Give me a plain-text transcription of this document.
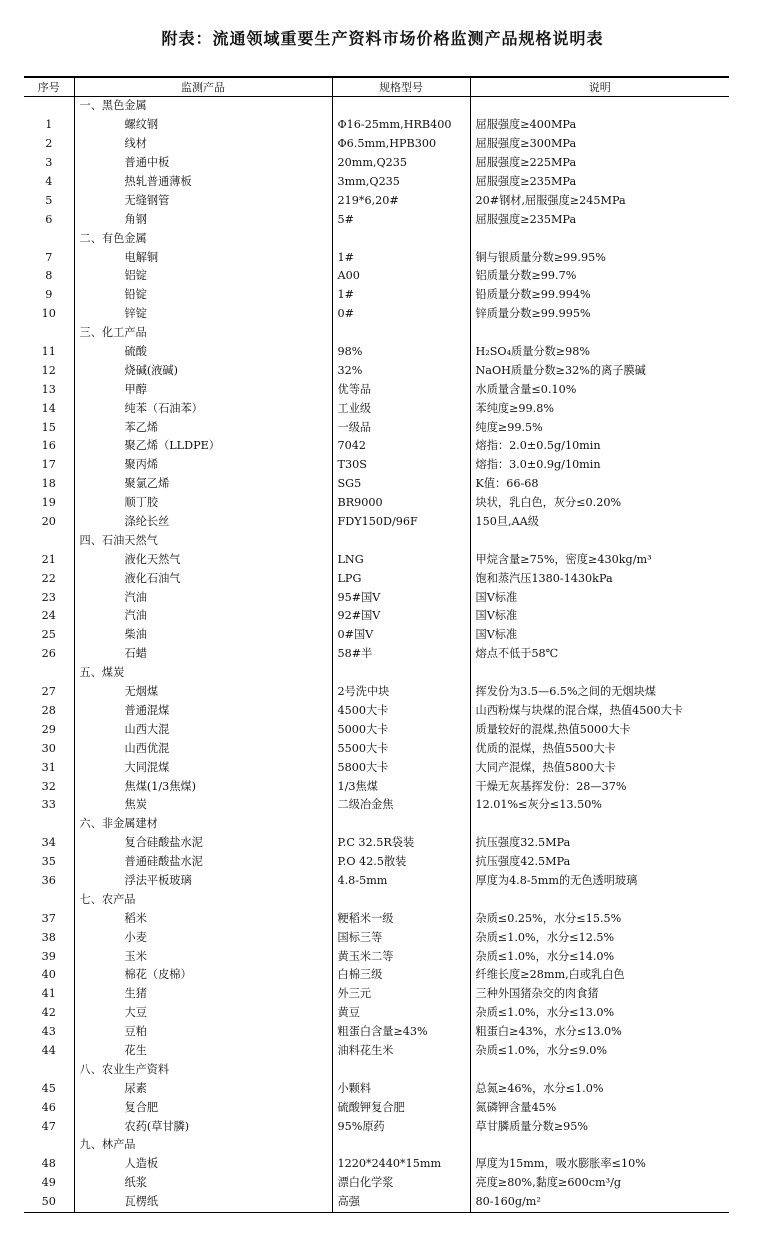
附表：流通领域重要生产资料市场价格监测产品规格说明表
序号	监测产品	规格型号	说明
	一、黑色金属		
1	螺纹钢	Φ16-25mm,HRB400	屈服强度≥400MPa
2	线材	Φ6.5mm,HPB300	屈服强度≥300MPa
3	普通中板	20mm,Q235	屈服强度≥225MPa
4	热轧普通薄板	3mm,Q235	屈服强度≥235MPa
5	无缝钢管	219*6,20#	20#钢材,屈服强度≥245MPa
6	角钢	5#	屈服强度≥235MPa
	二、有色金属		
7	电解铜	1#	铜与银质量分数≥99.95%
8	铝锭	A00	铝质量分数≥99.7%
9	铅锭	1#	铅质量分数≥99.994%
10	锌锭	0#	锌质量分数≥99.995%
	三、化工产品		
11	硫酸	98%	H₂SO₄质量分数≥98%
12	烧碱(液碱)	32%	NaOH质量分数≥32%的离子膜碱
13	甲醇	优等品	水质量含量≤0.10%
14	纯苯（石油苯）	工业级	苯纯度≥99.8%
15	苯乙烯	一级品	纯度≥99.5%
16	聚乙烯（LLDPE）	7042	熔指：2.0±0.5g/10min
17	聚丙烯	T30S	熔指：3.0±0.9g/10min
18	聚氯乙烯	SG5	K值：66-68
19	顺丁胶	BR9000	块状，乳白色，灰分≤0.20%
20	涤纶长丝	FDY150D/96F	150旦,AA级
	四、石油天然气		
21	液化天然气	LNG	甲烷含量≥75%，密度≥430kg/m³
22	液化石油气	LPG	饱和蒸汽压1380-1430kPa
23	汽油	95#国Ⅴ	国Ⅴ标准
24	汽油	92#国Ⅴ	国Ⅴ标准
25	柴油	0#国Ⅴ	国Ⅴ标准
26	石蜡	58#半	熔点不低于58℃
	五、煤炭		
27	无烟煤	2号洗中块	挥发份为3.5—6.5%之间的无烟块煤
28	普通混煤	4500大卡	山西粉煤与块煤的混合煤，热值4500大卡
29	山西大混	5000大卡	质量较好的混煤,热值5000大卡
30	山西优混	5500大卡	优质的混煤，热值5500大卡
31	大同混煤	5800大卡	大同产混煤，热值5800大卡
32	焦煤(1/3焦煤)	1/3焦煤	干燥无灰基挥发份：28—37%
33	焦炭	二级冶金焦	12.01%≤灰分≤13.50%
	六、非金属建材		
34	复合硅酸盐水泥	P.C 32.5R袋装	抗压强度32.5MPa
35	普通硅酸盐水泥	P.O 42.5散装	抗压强度42.5MPa
36	浮法平板玻璃	4.8-5mm	厚度为4.8-5mm的无色透明玻璃
	七、农产品		
37	稻米	粳稻米一级	杂质≤0.25%，水分≤15.5%
38	小麦	国标三等	杂质≤1.0%，水分≤12.5%
39	玉米	黄玉米二等	杂质≤1.0%，水分≤14.0%
40	棉花（皮棉）	白棉三级	纤维长度≥28mm,白或乳白色
41	生猪	外三元	三种外国猪杂交的肉食猪
42	大豆	黄豆	杂质≤1.0%，水分≤13.0%
43	豆粕	粗蛋白含量≥43%	粗蛋白≥43%，水分≤13.0%
44	花生	油料花生米	杂质≤1.0%，水分≤9.0%
	八、农业生产资料		
45	尿素	小颗料	总氮≥46%，水分≤1.0%
46	复合肥	硫酸钾复合肥	氮磷钾含量45%
47	农药(草甘膦)	95%原药	草甘膦质量分数≥95%
	九、林产品		
48	人造板	1220*2440*15mm	厚度为15mm，吸水膨胀率≤10%
49	纸浆	漂白化学浆	亮度≥80%,黏度≥600cm³/g
50	瓦楞纸	高强	80-160g/m²
